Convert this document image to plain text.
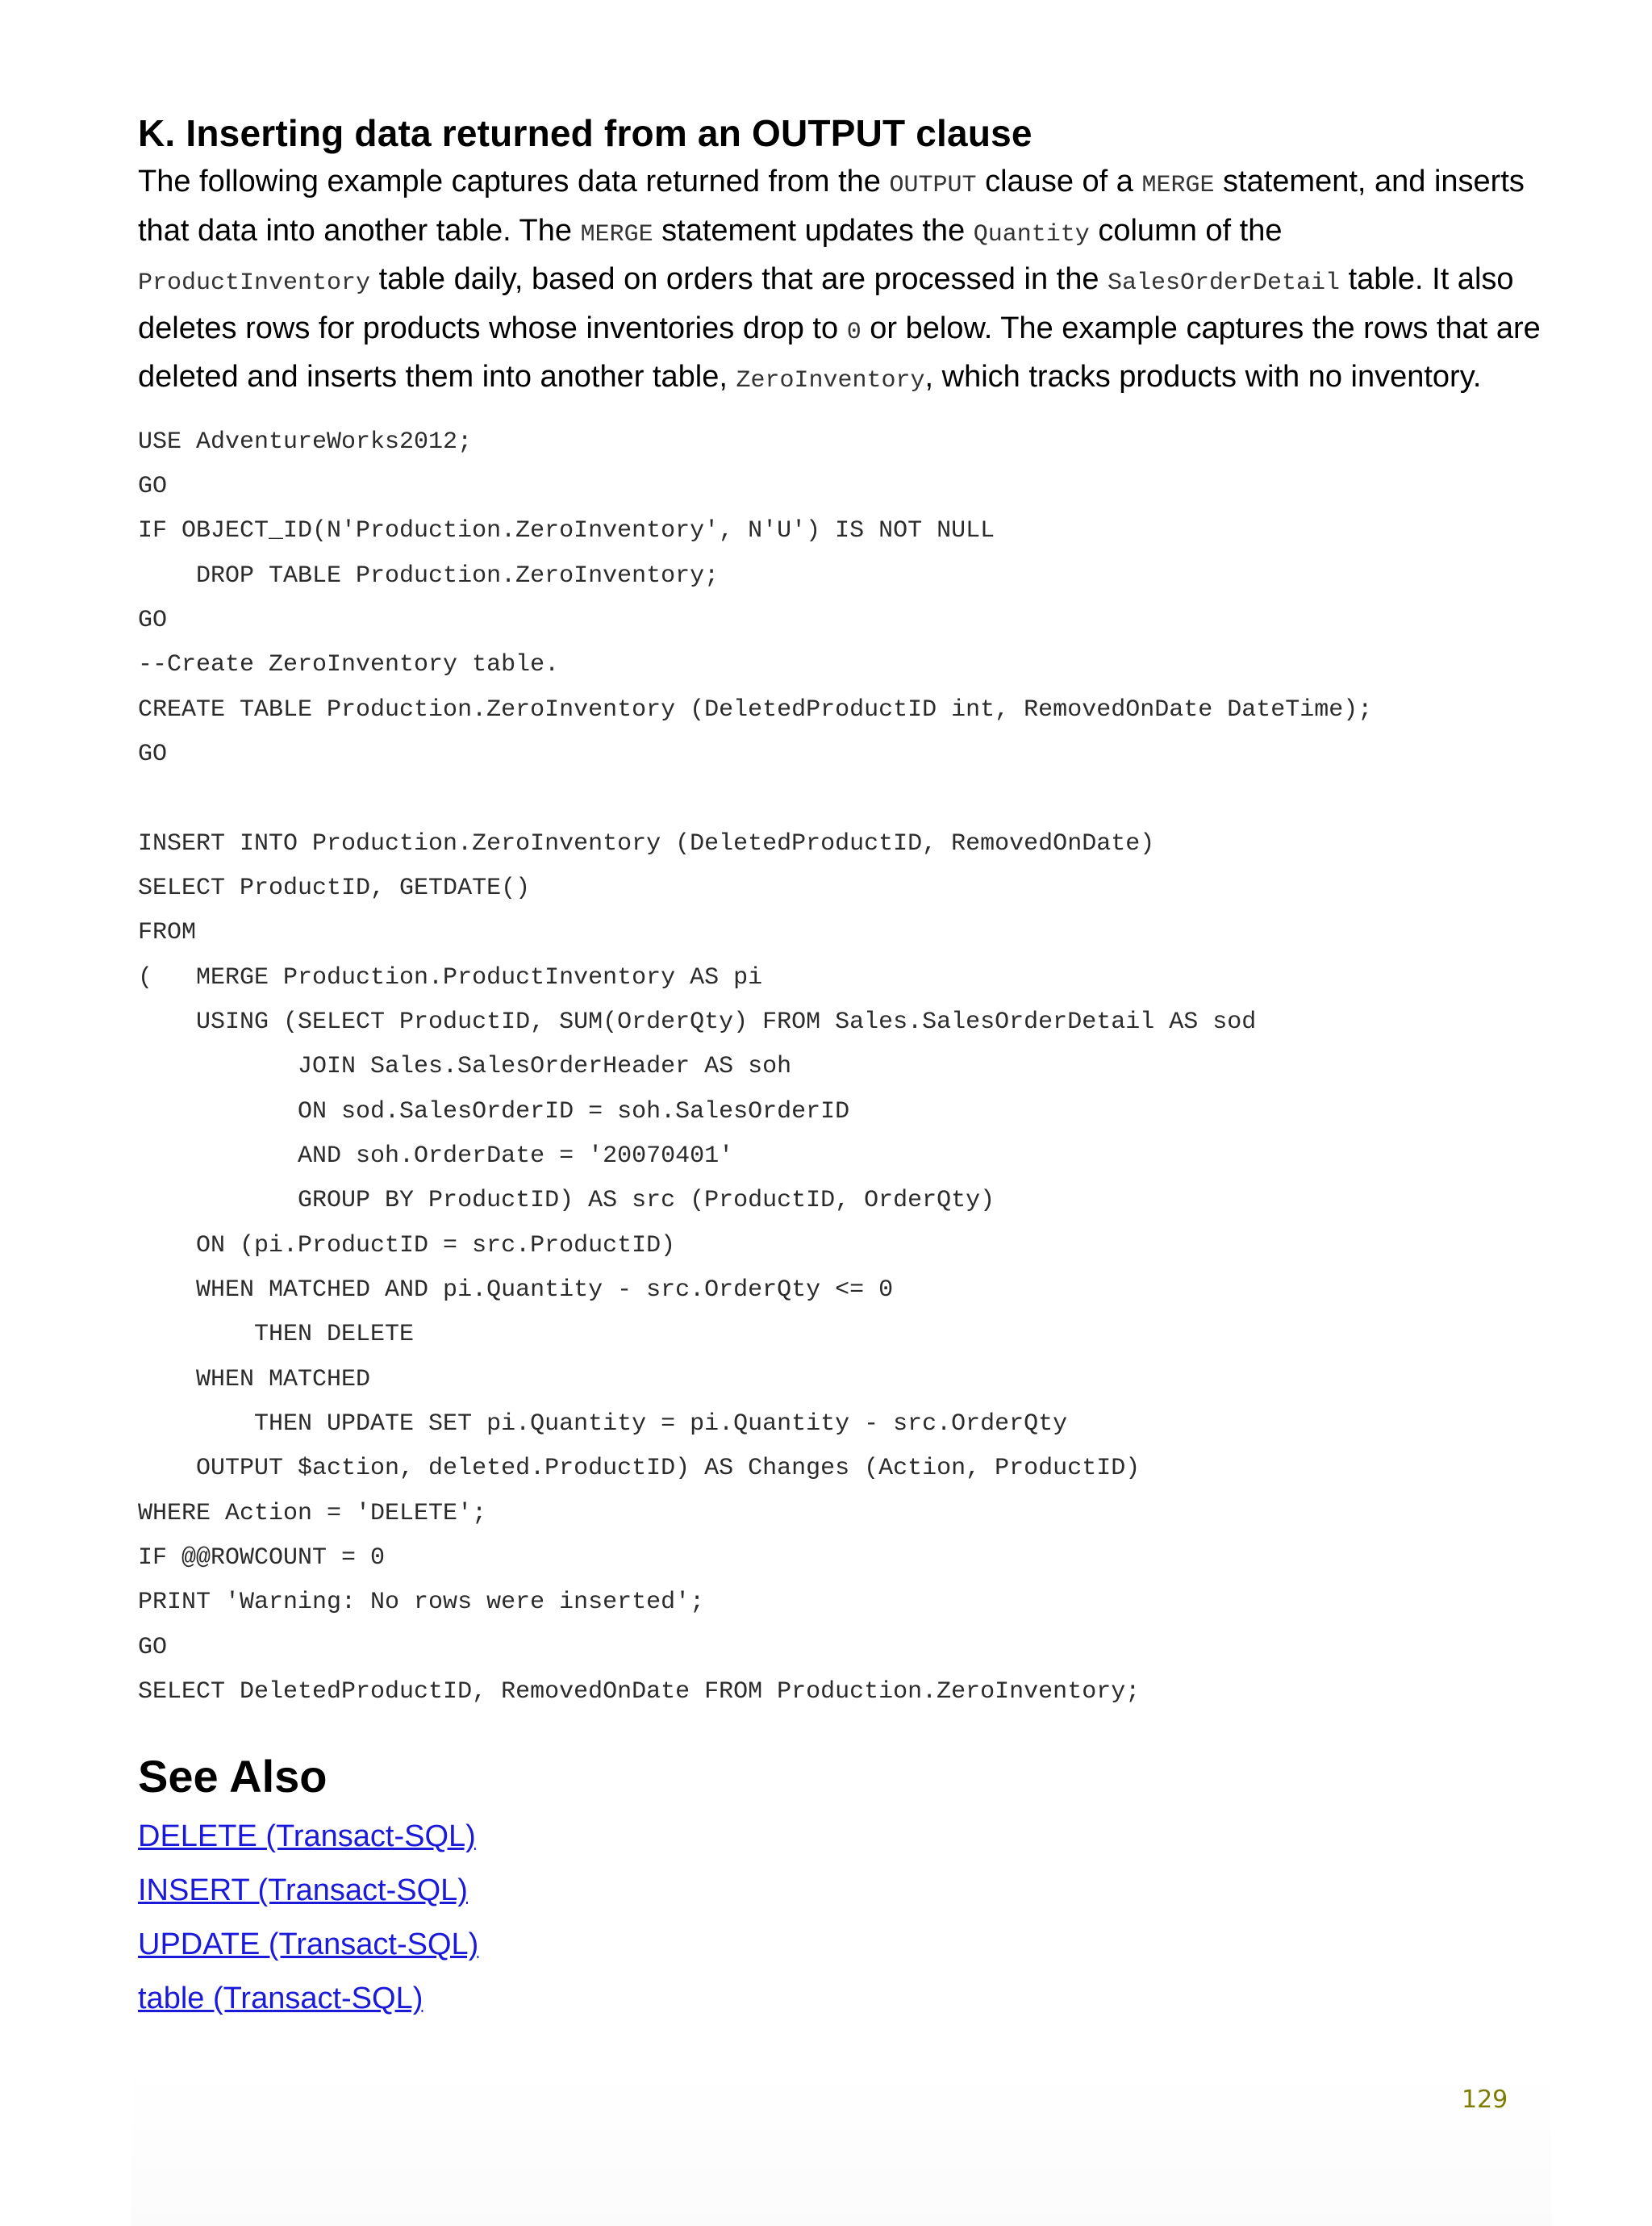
K. Inserting data returned from an OUTPUT clause

The following example captures data returned from the OUTPUT clause of a MERGE statement, and inserts that data into another table. The MERGE statement updates the Quantity column of the
ProductInventory table daily, based on orders that are processed in the SalesOrderDetail table. It also deletes rows for products whose inventories drop to 0 or below. The example captures the rows that are deleted and inserts them into another table, ZeroInventory, which tracks products with no inventory.

USE AdventureWorks2012;
GO
IF OBJECT_ID(N'Production.ZeroInventory', N'U') IS NOT NULL
DROP TABLE Production.ZeroInventory;
GO
--Create ZeroInventory table.
CREATE TABLE Production.ZeroInventory (DeletedProductID int, RemovedOnDate DateTime);
GO
INSERT INTO Production.ZeroInventory (DeletedProductID, RemovedOnDate)
SELECT ProductID, GETDATE()
FROM
(   MERGE Production.ProductInventory AS pi
USING (SELECT ProductID, SUM(OrderQty) FROM Sales.SalesOrderDetail AS sod
JOIN Sales.SalesOrderHeader AS soh
ON sod.SalesOrderID = soh.SalesOrderID
AND soh.OrderDate = '20070401'
GROUP BY ProductID) AS src (ProductID, OrderQty)
ON (pi.ProductID = src.ProductID)
WHEN MATCHED AND pi.Quantity - src.OrderQty <= 0
THEN DELETE
WHEN MATCHED
THEN UPDATE SET pi.Quantity = pi.Quantity - src.OrderQty
OUTPUT $action, deleted.ProductID) AS Changes (Action, ProductID)
WHERE Action = 'DELETE';
IF @@ROWCOUNT = 0
PRINT 'Warning: No rows were inserted';
GO
SELECT DeletedProductID, RemovedOnDate FROM Production.ZeroInventory;
See Also
DELETE (Transact-SQL)
INSERT (Transact-SQL)
UPDATE (Transact-SQL)
table (Transact-SQL)
129
